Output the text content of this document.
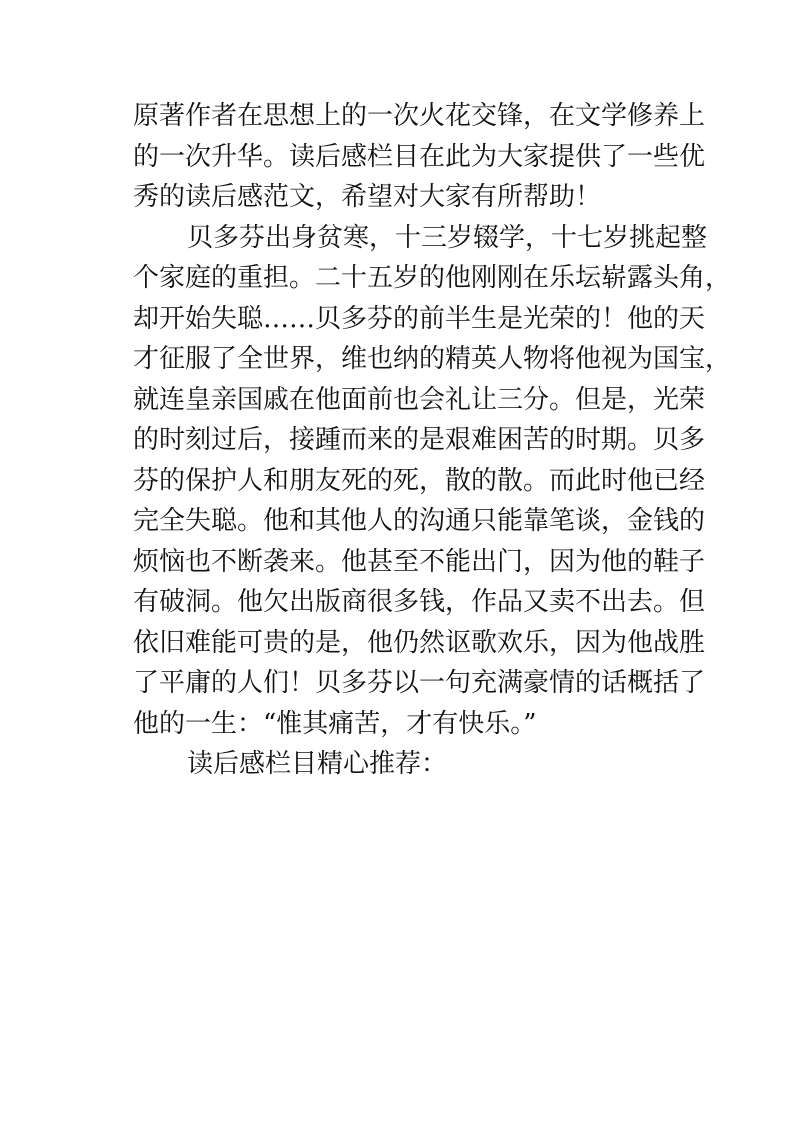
原著作者在思想上的一次火花交锋，在文学修养上

的一次升华。读后感栏目在此为大家提供了一些优

秀的读后感范文，希望对大家有所帮助！

贝多芬出身贫寒，十三岁辍学，十七岁挑起整

个家庭的重担。二十五岁的他刚刚在乐坛崭露头角，

却开始失聪……贝多芬的前半生是光荣的！他的天

才征服了全世界，维也纳的精英人物将他视为国宝，

就连皇亲国戚在他面前也会礼让三分。但是，光荣

的时刻过后，接踵而来的是艰难困苦的时期。贝多

芬的保护人和朋友死的死，散的散。而此时他已经

完全失聪。他和其他人的沟通只能靠笔谈，金钱的

烦恼也不断袭来。他甚至不能出门，因为他的鞋子

有破洞。他欠出版商很多钱，作品又卖不出去。但

依旧难能可贵的是，他仍然讴歌欢乐，因为他战胜

了平庸的人们！贝多芬以一句充满豪情的话概括了

他的一生：“惟其痛苦，才有快乐。”

读后感栏目精心推荐：
